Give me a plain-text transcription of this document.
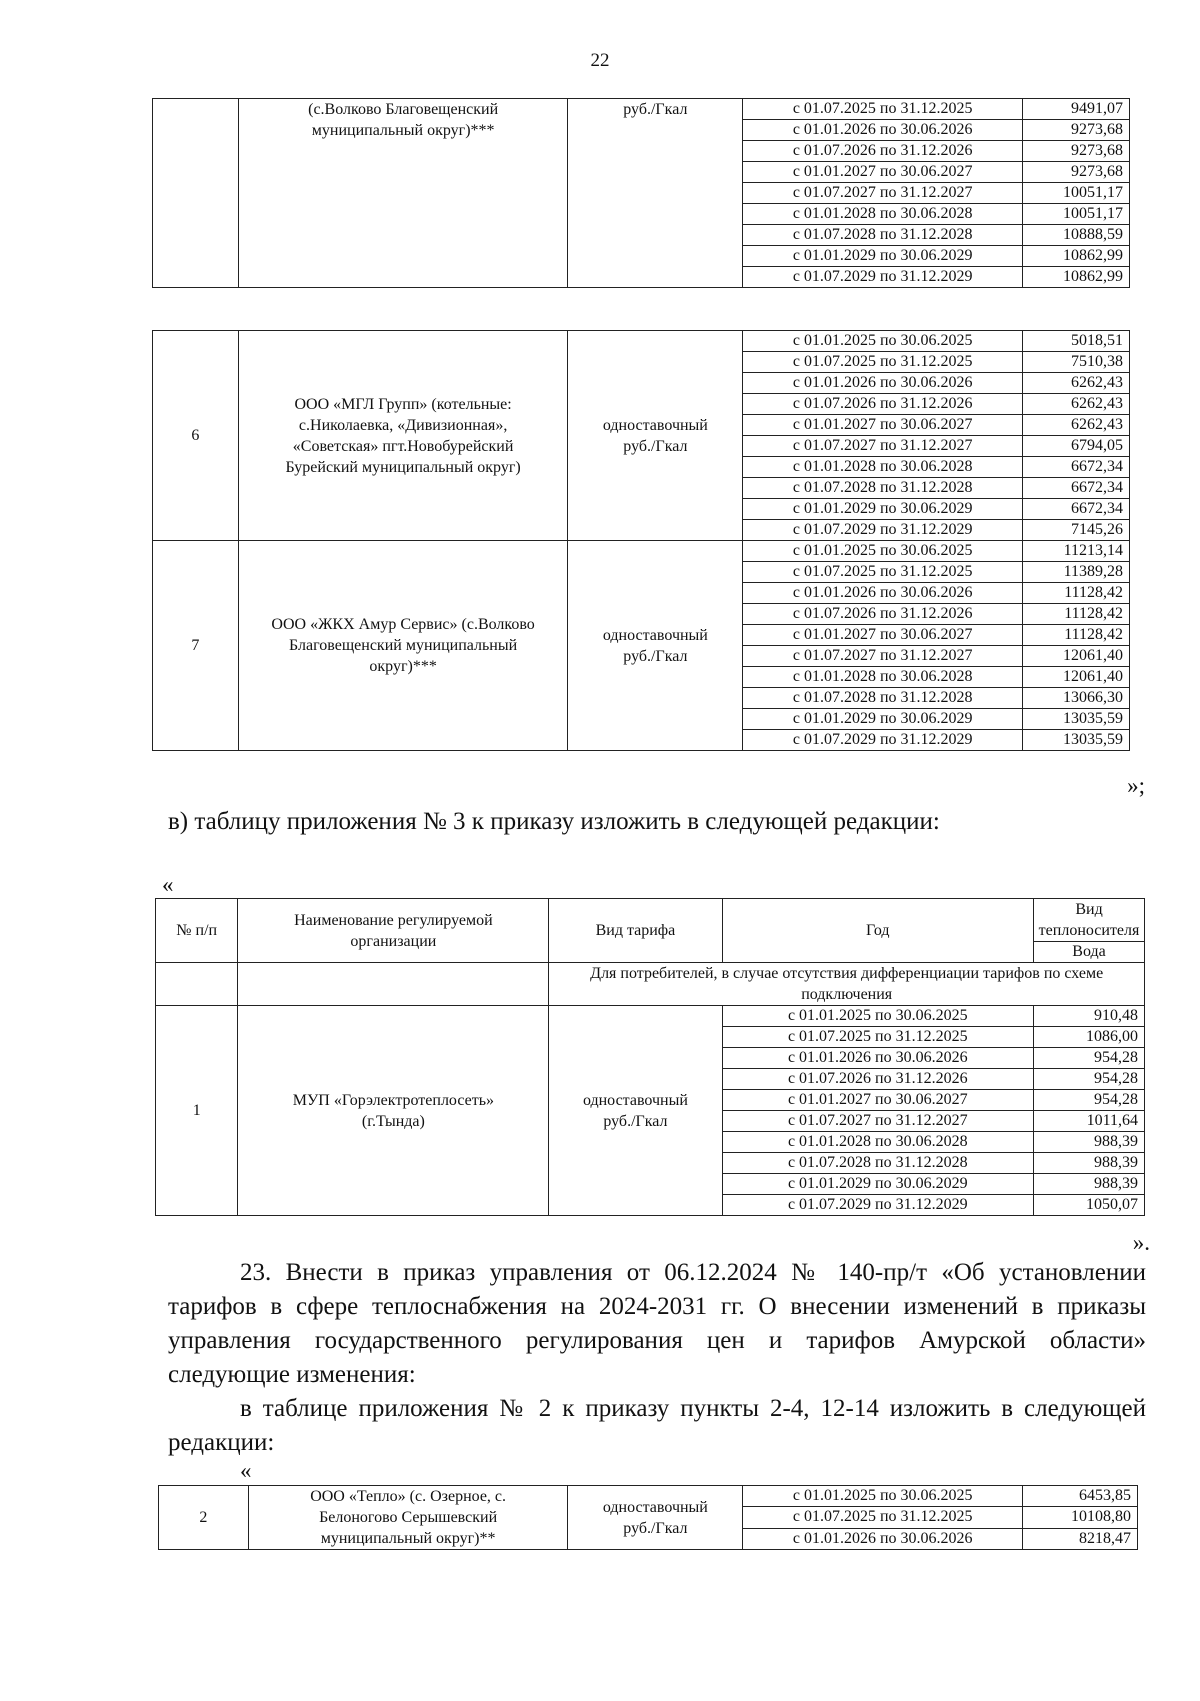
22
	(с.Волково Благовещенский муниципальный округ)***	руб./Гкал	с 01.07.2025 по 31.12.2025	9491,07
			с 01.01.2026 по 30.06.2026	9273,68
			с 01.07.2026 по 31.12.2026	9273,68
			с 01.01.2027 по 30.06.2027	9273,68
			с 01.07.2027 по 31.12.2027	10051,17
			с 01.01.2028 по 30.06.2028	10051,17
			с 01.07.2028 по 31.12.2028	10888,59
			с 01.01.2029 по 30.06.2029	10862,99
			с 01.07.2029 по 31.12.2029	10862,99
6	ООО «МГЛ Групп» (котельные: с.Николаевка, «Дивизионная», «Советская» пгт.Новобурейский Бурейский муниципальный округ)	одноставочный руб./Гкал	с 01.01.2025 по 30.06.2025	5018,51
			с 01.07.2025 по 31.12.2025	7510,38
			с 01.01.2026 по 30.06.2026	6262,43
			с 01.07.2026 по 31.12.2026	6262,43
			с 01.01.2027 по 30.06.2027	6262,43
			с 01.07.2027 по 31.12.2027	6794,05
			с 01.01.2028 по 30.06.2028	6672,34
			с 01.07.2028 по 31.12.2028	6672,34
			с 01.01.2029 по 30.06.2029	6672,34
			с 01.07.2029 по 31.12.2029	7145,26
7	ООО «ЖКХ Амур Сервис» (с.Волково Благовещенский муниципальный округ)***	одноставочный руб./Гкал	с 01.01.2025 по 30.06.2025	11213,14
			с 01.07.2025 по 31.12.2025	11389,28
			с 01.01.2026 по 30.06.2026	11128,42
			с 01.07.2026 по 31.12.2026	11128,42
			с 01.01.2027 по 30.06.2027	11128,42
			с 01.07.2027 по 31.12.2027	12061,40
			с 01.01.2028 по 30.06.2028	12061,40
			с 01.07.2028 по 31.12.2028	13066,30
			с 01.01.2029 по 30.06.2029	13035,59
			с 01.07.2029 по 31.12.2029	13035,59
»;
в) таблицу приложения № 3 к приказу изложить в следующей редакции:
«
№ п/п	Наименование регулируемой организации	Вид тарифа	Год	Вид теплоносителя
				Вода
		Для потребителей, в случае отсутствия дифференциации тарифов по схеме подключения		
1	МУП «Горэлектротеплосеть» (г.Тында)	одноставочный руб./Гкал	с 01.01.2025 по 30.06.2025	910,48
			с 01.07.2025 по 31.12.2025	1086,00
			с 01.01.2026 по 30.06.2026	954,28
			с 01.07.2026 по 31.12.2026	954,28
			с 01.01.2027 по 30.06.2027	954,28
			с 01.07.2027 по 31.12.2027	1011,64
			с 01.01.2028 по 30.06.2028	988,39
			с 01.07.2028 по 31.12.2028	988,39
			с 01.01.2029 по 30.06.2029	988,39
			с 01.07.2029 по 31.12.2029	1050,07
».
23. Внести в приказ управления от 06.12.2024 № 140-пр/т «Об установлении тарифов в сфере теплоснабжения на 2024-2031 гг. О внесении изменений в приказы управления государственного регулирования цен и тарифов Амурской области» следующие изменения:
в таблице приложения № 2 к приказу пункты 2-4, 12-14 изложить в следующей редакции:
«
2	ООО «Тепло» (с. Озерное, с. Белоногово Серышевский муниципальный округ)**	одноставочный руб./Гкал	с 01.01.2025 по 30.06.2025	6453,85
			с 01.07.2025 по 31.12.2025	10108,80
			с 01.01.2026 по 30.06.2026	8218,47
